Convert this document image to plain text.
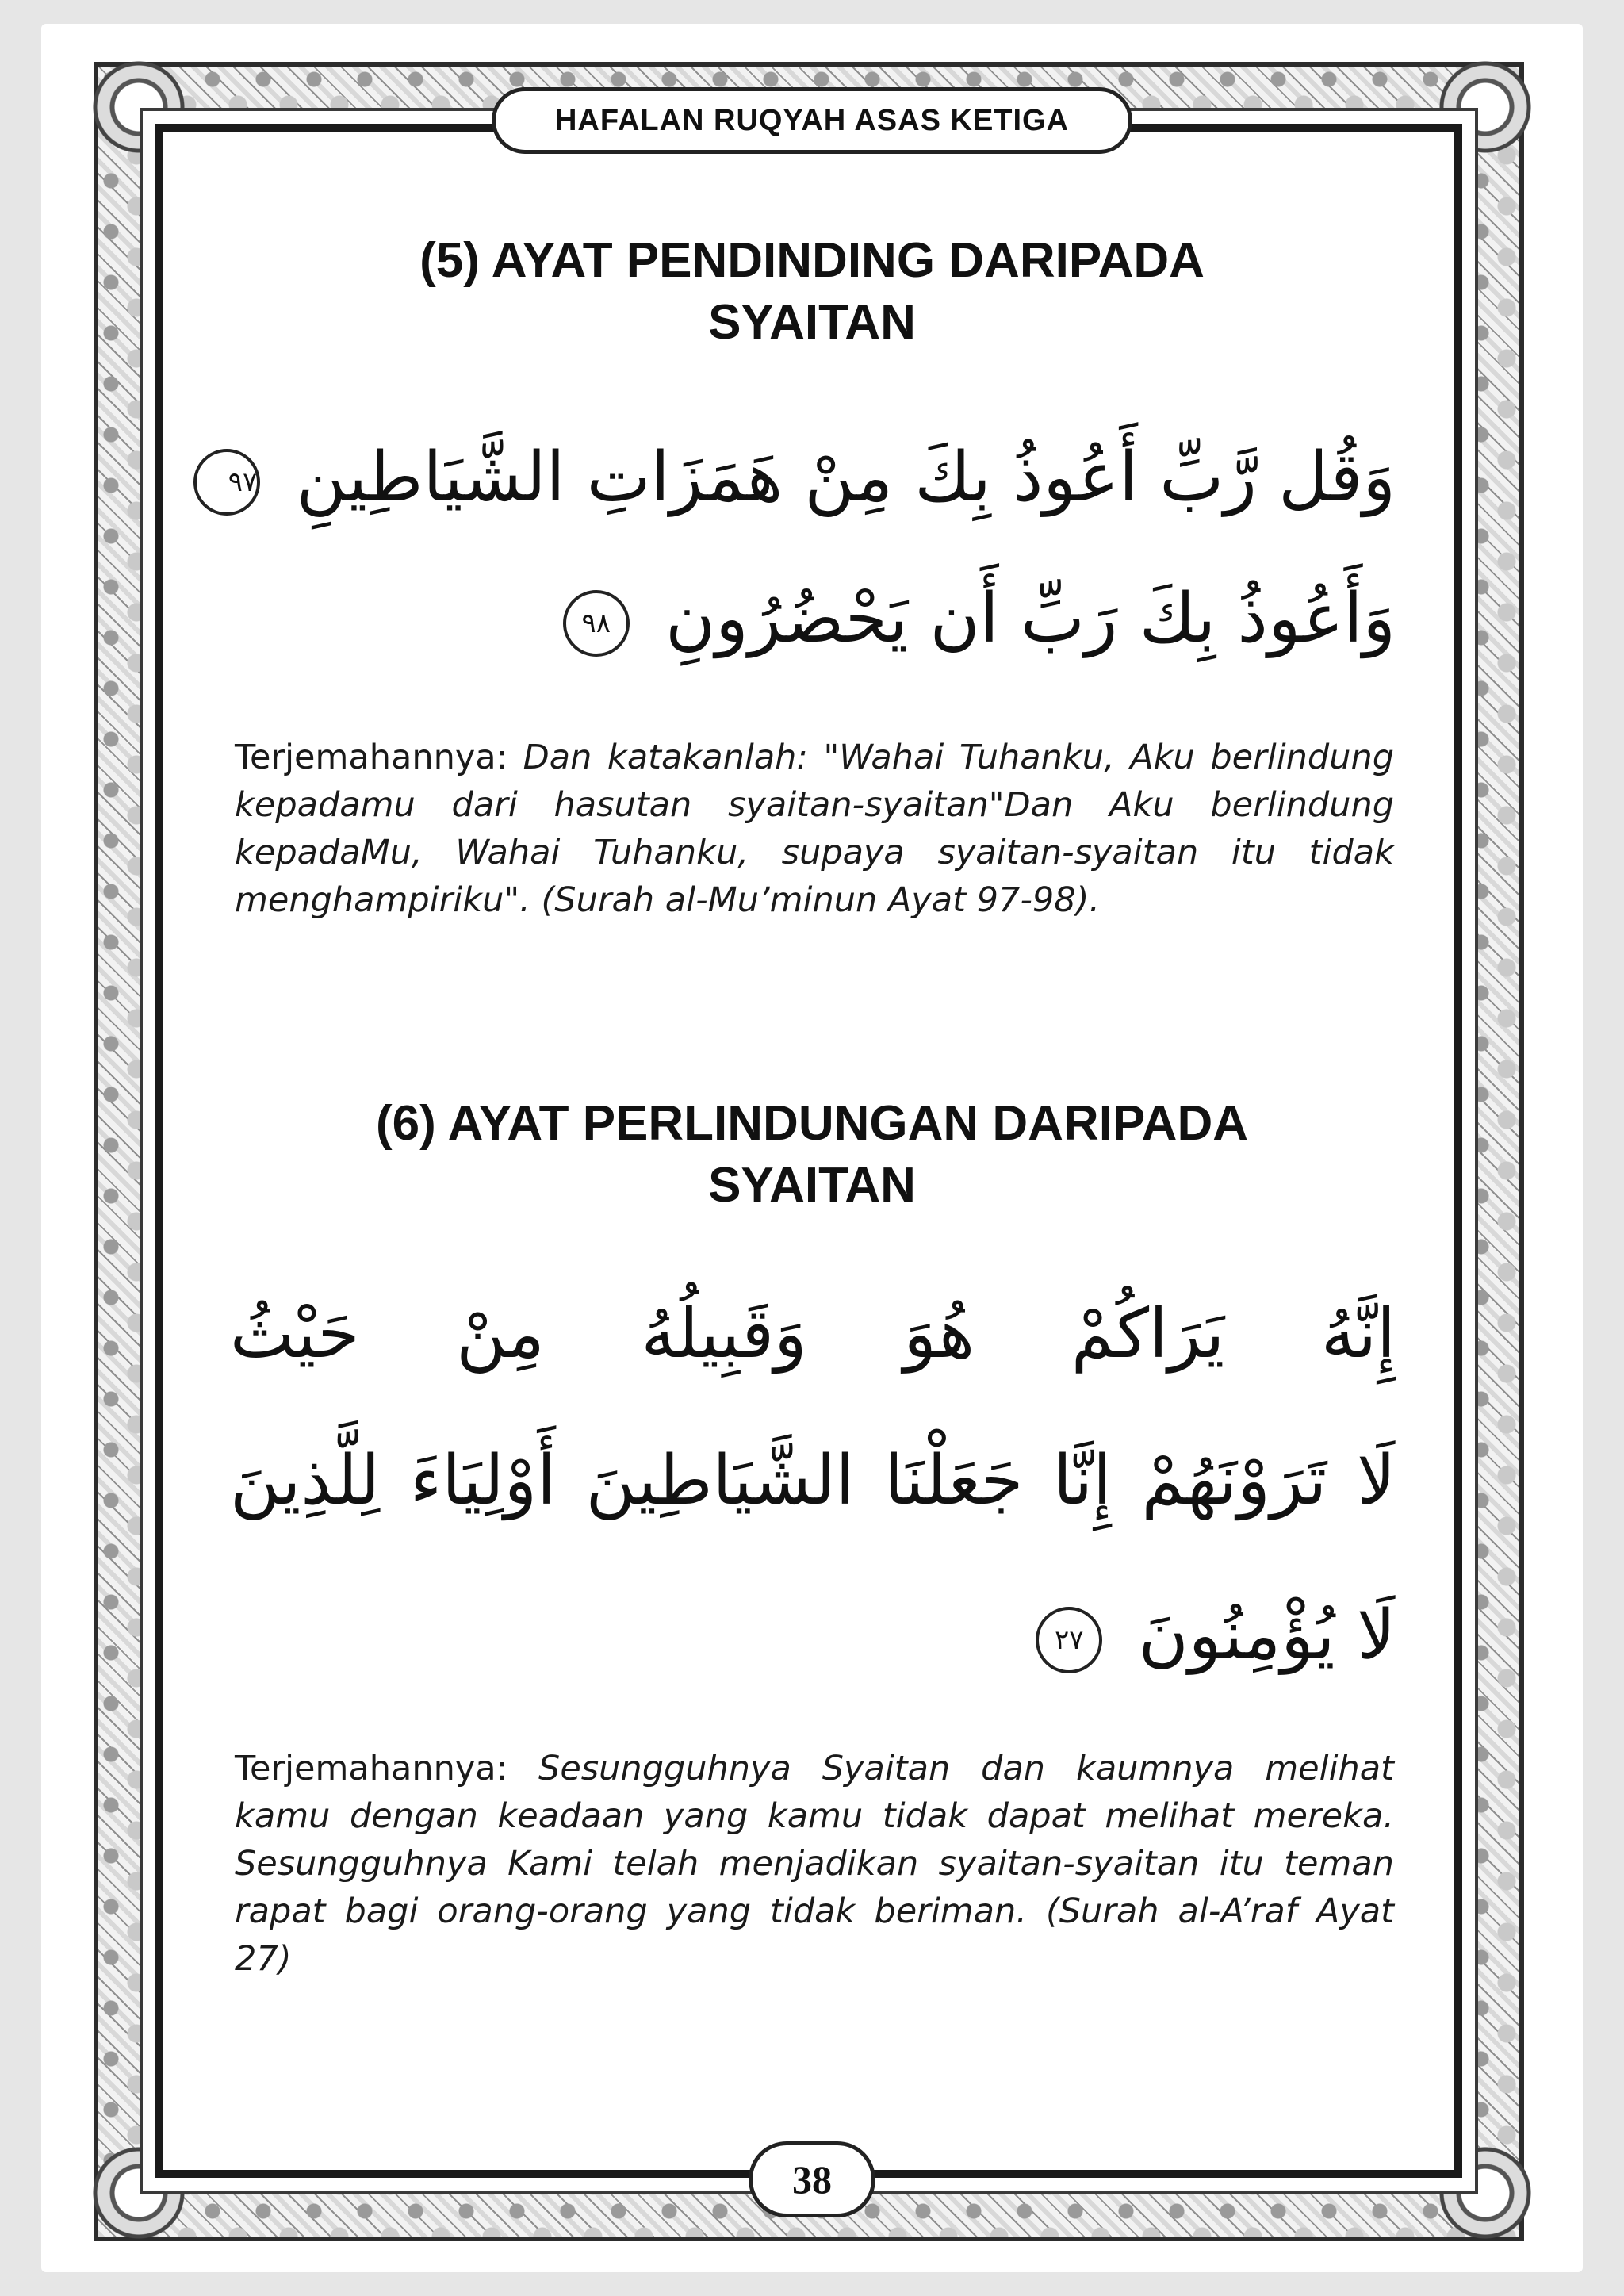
HAFALAN RUQYAH ASAS KETIGA
(5) AYAT PENDINDING DARIPADA
SYAITAN
وَقُل رَّبِّ أَعُوذُ بِكَ مِنْ هَمَزَاتِ الشَّيَاطِينِ ٩٧
وَأَعُوذُ بِكَ رَبِّ أَن يَحْضُرُونِ ٩٨
Terjemahannya: Dan katakanlah: "Wahai Tuhanku, Aku berlindung kepadamu dari hasutan syaitan-syaitan"Dan Aku berlindung kepadaMu, Wahai Tuhanku, supaya syaitan-syaitan itu tidak menghampiriku". (Surah al-Mu’minun Ayat 97-98).
(6) AYAT PERLINDUNGAN DARIPADA
SYAITAN
إِنَّهُ يَرَاكُمْ هُوَ وَقَبِيلُهُ مِنْ حَيْثُ
لَا تَرَوْنَهُمْ إِنَّا جَعَلْنَا الشَّيَاطِينَ أَوْلِيَاءَ لِلَّذِينَ
لَا يُؤْمِنُونَ ٢٧
Terjemahannya: Sesungguhnya Syaitan dan kaumnya melihat kamu dengan keadaan yang kamu tidak dapat melihat mereka. Sesungguhnya Kami telah menjadikan syaitan-syaitan itu teman rapat bagi orang-orang yang tidak beriman. (Surah al-A’raf Ayat 27)
38
